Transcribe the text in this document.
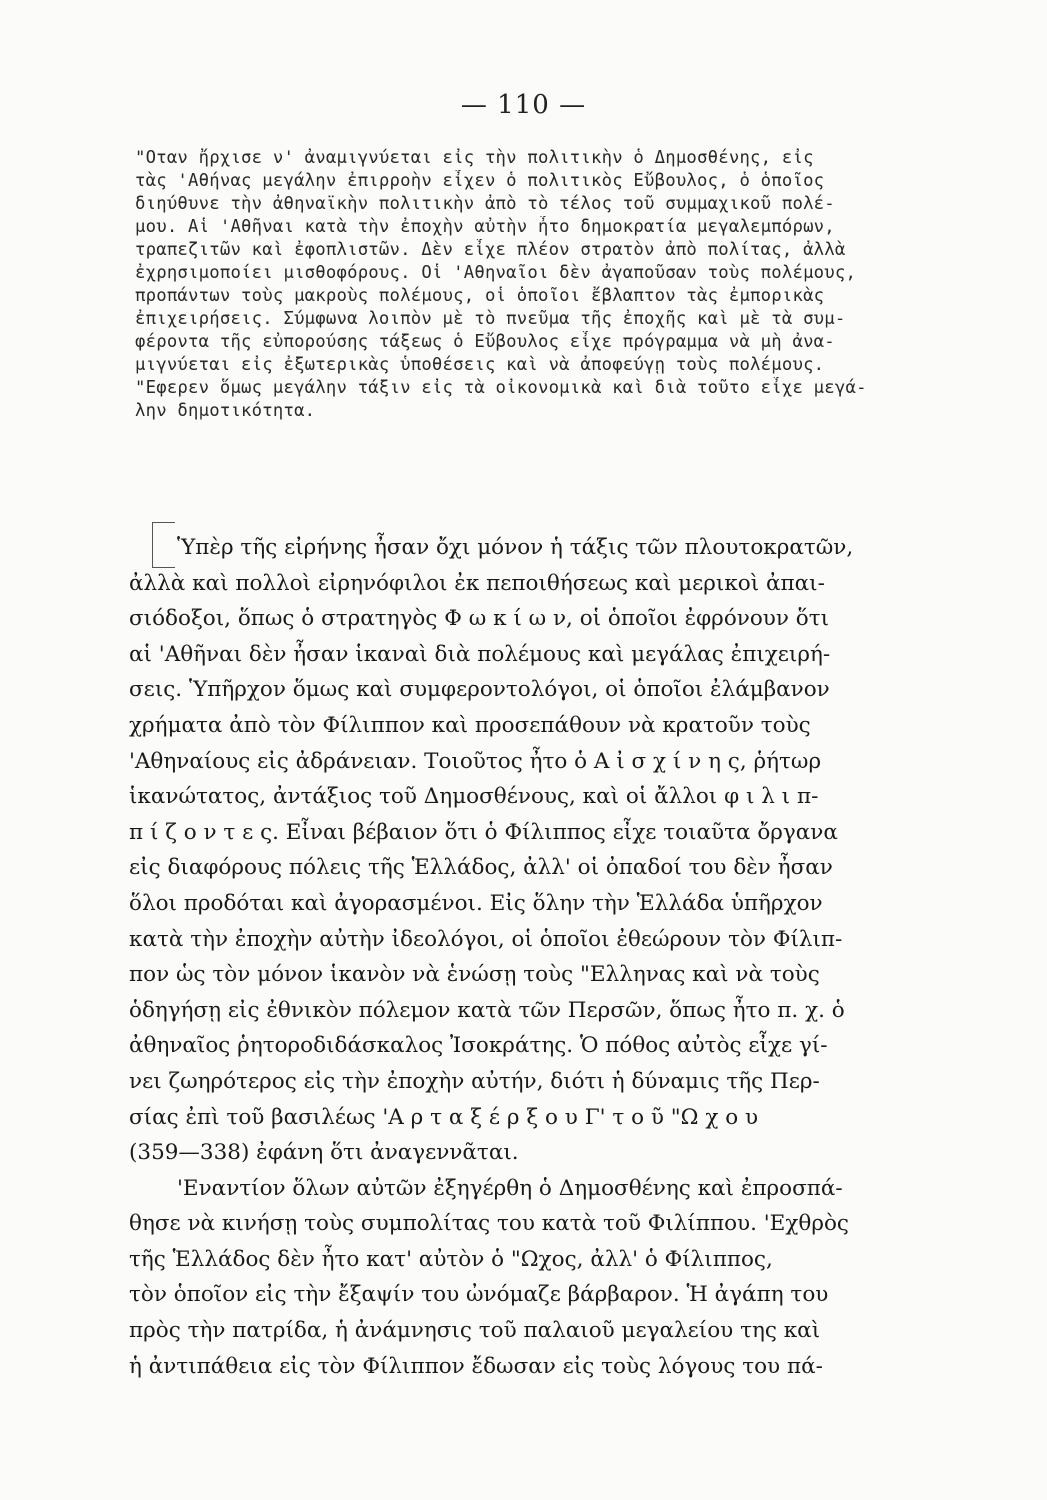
— 110 —
"Οταν ἤρχισε ν' ἀναμιγνύεται εἰς τὴν πολιτικὴν ὁ Δημοσθένης, εἰς
τὰς 'Αθήνας μεγάλην ἐπιρροὴν εἶχεν ὁ πολιτικὸς Εὔβουλος, ὁ ὁποῖος
διηύθυνε τὴν ἀθηναϊκὴν πολιτικὴν ἀπὸ τὸ τέλος τοῦ συμμαχικοῦ πολέ-
μου. Αἱ 'Αθῆναι κατὰ τὴν ἐποχὴν αὐτὴν ἦτο δημοκρατία μεγαλεμπόρων,
τραπεζιτῶν καὶ ἐφοπλιστῶν. Δὲν εἶχε πλέον στρατὸν ἀπὸ πολίτας, ἀλλὰ
ἐχρησιμοποίει μισθοφόρους. Οἱ 'Αθηναῖοι δὲν ἀγαποῦσαν τοὺς πολέμους,
προπάντων τοὺς μακροὺς πολέμους, οἱ ὁποῖοι ἔβλαπτον τὰς ἐμπορικὰς
ἐπιχειρήσεις. Σύμφωνα λοιπὸν μὲ τὸ πνεῦμα τῆς ἐποχῆς καὶ μὲ τὰ συμ-
φέροντα τῆς εὐπορούσης τάξεως ὁ Εὔβουλος εἶχε πρόγραμμα νὰ μὴ ἀνα-
μιγνύεται εἰς ἐξωτερικὰς ὑποθέσεις καὶ νὰ ἀποφεύγῃ τοὺς πολέμους.
"Εφερεν ὅμως μεγάλην τάξιν εἰς τὰ οἰκονομικὰ καὶ διὰ τοῦτο εἶχε μεγά-
λην δημοτικότητα.
Ὑπὲρ τῆς εἰρήνης ἦσαν ὄχι μόνον ἡ τάξις τῶν πλουτοκρατῶν,
ἀλλὰ καὶ πολλοὶ εἰρηνόφιλοι ἐκ πεποιθήσεως καὶ μερικοὶ ἀπαι-
σιόδοξοι, ὅπως ὁ στρατηγὸς Φ ω κ ί ω ν, οἱ ὁποῖοι ἐφρόνουν ὅτι
αἱ 'Αθῆναι δὲν ἦσαν ἱκαναὶ διὰ πολέμους καὶ μεγάλας ἐπιχειρή-
σεις. Ὑπῆρχον ὅμως καὶ συμφεροντολόγοι, οἱ ὁποῖοι ἐλάμβανον
χρήματα ἀπὸ τὸν Φίλιππον καὶ προσεπάθουν νὰ κρατοῦν τοὺς
'Αθηναίους εἰς ἀδράνειαν. Τοιοῦτος ἦτο ὁ Α ἰ σ χ ί ν η ς, ῥήτωρ
ἱκανώτατος, ἀντάξιος τοῦ Δημοσθένους, καὶ οἱ ἄλλοι φ ι λ ι π-
π ί ζ ο ν τ ε ς. Εἶναι βέβαιον ὅτι ὁ Φίλιππος εἶχε τοιαῦτα ὄργανα
εἰς διαφόρους πόλεις τῆς Ἑλλάδος, ἀλλ' οἱ ὀπαδοί του δὲν ἦσαν
ὅλοι προδόται καὶ ἀγορασμένοι. Εἰς ὅλην τὴν Ἑλλάδα ὑπῆρχον
κατὰ τὴν ἐποχὴν αὐτὴν ἰδεολόγοι, οἱ ὁποῖοι ἐθεώρουν τὸν Φίλιπ-
πον ὡς τὸν μόνον ἱκανὸν νὰ ἑνώσῃ τοὺς "Ελληνας καὶ νὰ τοὺς
ὁδηγήσῃ εἰς ἐθνικὸν πόλεμον κατὰ τῶν Περσῶν, ὅπως ἦτο π. χ. ὁ
ἀθηναῖος ῥητοροδιδάσκαλος Ἰσοκράτης. Ὁ πόθος αὐτὸς εἶχε γί-
νει ζωηρότερος εἰς τὴν ἐποχὴν αὐτήν, διότι ἡ δύναμις τῆς Περ-
σίας ἐπὶ τοῦ βασιλέως 'Α ρ τ α ξ έ ρ ξ ο υ Γ' τ ο ῦ "Ω χ ο υ
(359—338) ἐφάνη ὅτι ἀναγεννᾶται.
'Εναντίον ὅλων αὐτῶν ἐξηγέρθη ὁ Δημοσθένης καὶ ἐπροσπά-
θησε νὰ κινήσῃ τοὺς συμπολίτας του κατὰ τοῦ Φιλίππου. 'Εχθρὸς
τῆς Ἑλλάδος δὲν ἦτο κατ' αὐτὸν ὁ "Ωχος, ἀλλ' ὁ Φίλιππος,
τὸν ὁποῖον εἰς τὴν ἔξαψίν του ὠνόμαζε βάρβαρον. Ἡ ἀγάπη του
πρὸς τὴν πατρίδα, ἡ ἀνάμνησις τοῦ παλαιοῦ μεγαλείου της καὶ
ἡ ἀντιπάθεια εἰς τὸν Φίλιππον ἔδωσαν εἰς τοὺς λόγους του πά-
